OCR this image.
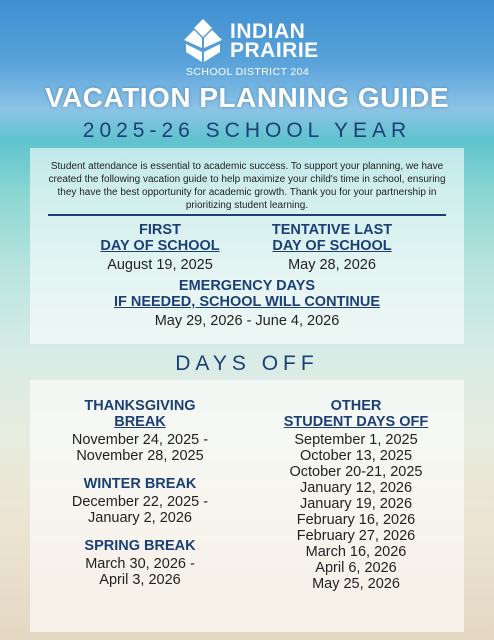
INDIAN
PRAIRIE
SCHOOL DISTRICT 204
VACATION PLANNING GUIDE
2025-26 SCHOOL YEAR
Student attendance is essential to academic success. To support your planning, we have created the following vacation guide to help maximize your child's time in school, ensuring they have the best opportunity for academic growth. Thank you for your partnership in prioritizing student learning.
FIRST
DAY OF SCHOOL
August 19, 2025
TENTATIVE LAST
DAY OF SCHOOL
May 28, 2026
EMERGENCY DAYS
IF NEEDED, SCHOOL WILL CONTINUE
May 29, 2026 - June 4, 2026
DAYS OFF
THANKSGIVING
BREAK
November 24, 2025 -
November 28, 2025
WINTER BREAK
December 22, 2025 -
January 2, 2026
SPRING BREAK
March 30, 2026 -
April 3, 2026
OTHER
STUDENT DAYS OFF
September 1, 2025
October 13, 2025
October 20-21, 2025
January 12, 2026
January 19, 2026
February 16, 2026
February 27, 2026
March 16, 2026
April 6, 2026
May 25, 2026
